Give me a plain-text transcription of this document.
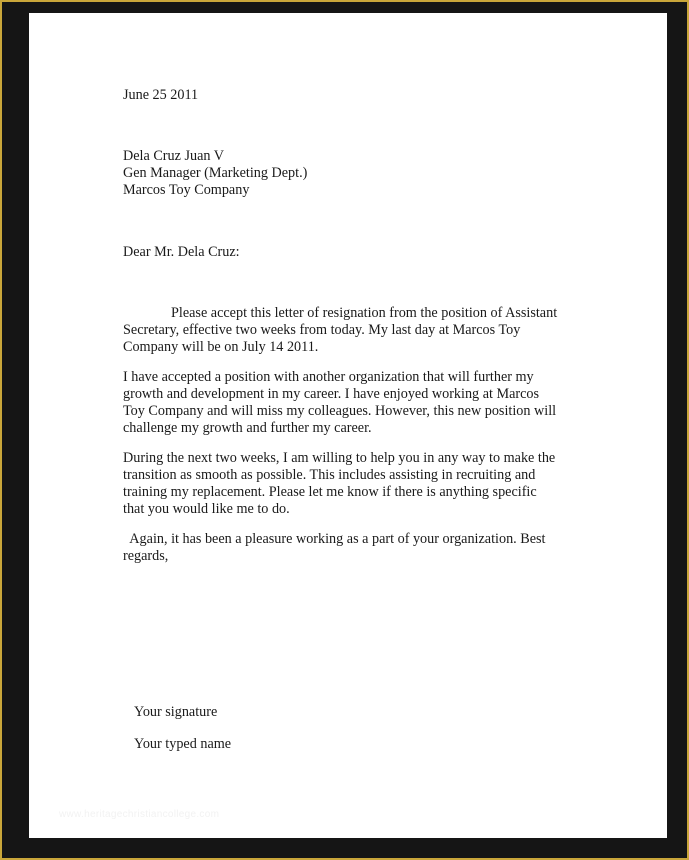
June 25 2011
Dela Cruz Juan V
Gen Manager (Marketing Dept.)
Marcos Toy Company
Dear Mr. Dela Cruz:
Please accept this letter of resignation from the position of Assistant
Secretary, effective two weeks from today. My last day at Marcos Toy
Company will be on July 14 2011.
I have accepted a position with another organization that will further my
growth and development in my career. I have enjoyed working at Marcos
Toy Company and will miss my colleagues. However, this new position will
challenge my growth and further my career.
During the next two weeks, I am willing to help you in any way to make the
transition as smooth as possible. This includes assisting in recruiting and
training my replacement. Please let me know if there is anything specific
that you would like me to do.
Again, it has been a pleasure working as a part of your organization. Best
regards,
Your signature
Your typed name
www.heritagechristiancollege.com
